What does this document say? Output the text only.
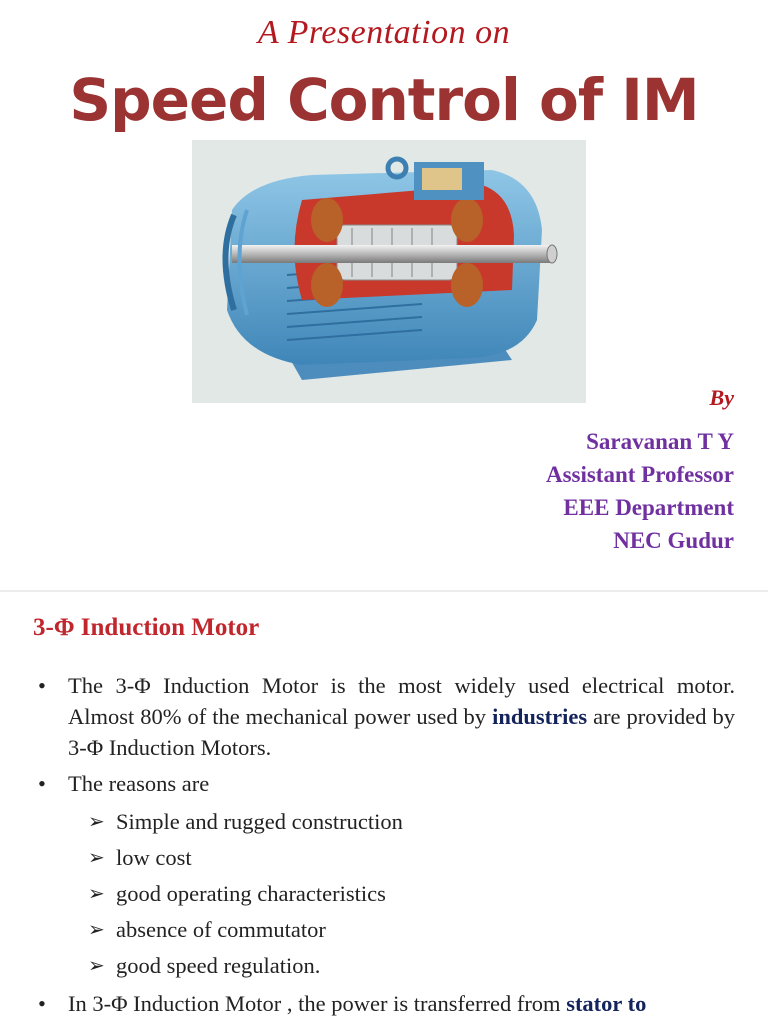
A Presentation on
Speed Control of IM
By
Saravanan T Y
Assistant Professor
EEE Department
NEC Gudur
3-Φ Induction Motor
• The 3-Φ Induction Motor is the most widely used electrical motor. Almost 80% of the mechanical power used by industries are provided by 3-Φ Induction Motors.
• The reasons are
➢ Simple and rugged construction
➢ low cost
➢ good operating characteristics
➢ absence of commutator
➢ good speed regulation.
• In 3-Φ Induction Motor , the power is transferred from stator to
